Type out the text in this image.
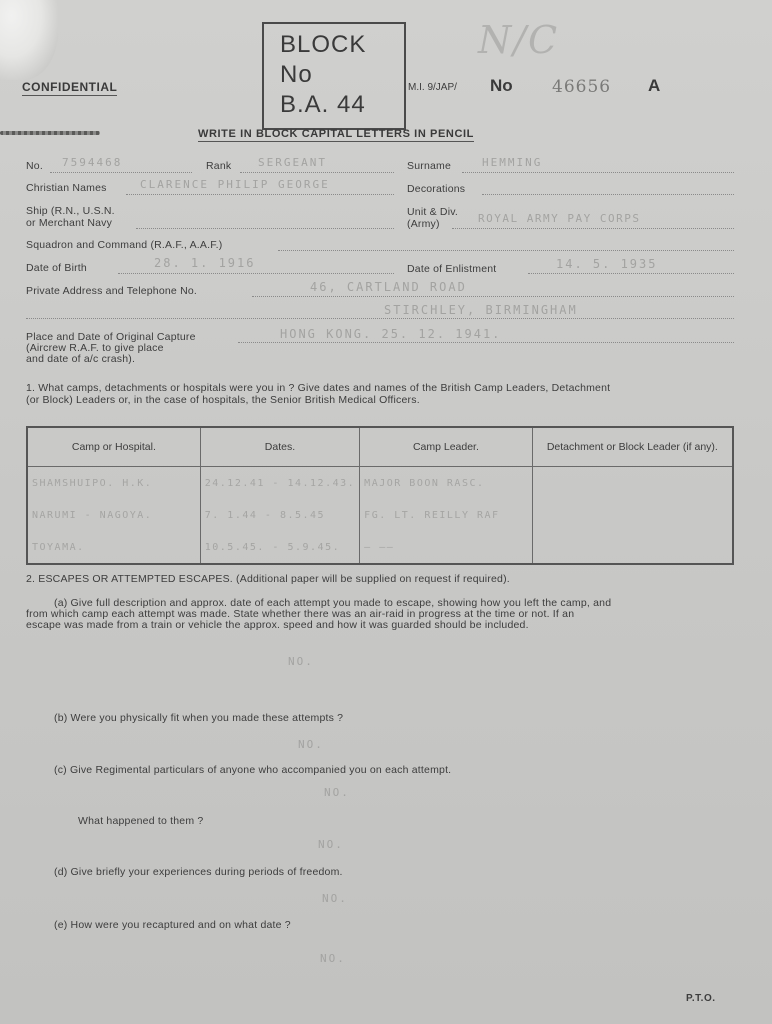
CONFIDENTIAL
BLOCK
No
B.A. 44
N/C
M.I. 9/JAP/ No 46656 A
WRITE IN BLOCK CAPITAL LETTERS IN PENCIL
No. 7594468	Rank SERGEANT	Surname	HEMMING
Christian Names	CLARENCE PHILIP GEORGE	Decorations
Ship (R.N., U.S.N.
or Merchant Navy
Unit & Div.
(Army)	ROYAL ARMY PAY CORPS
Squadron and Command (R.A.F., A.A.F.)
Date of Birth	28. 1. 1916	Date of Enlistment	14. 5. 1935
Private Address and Telephone No.	46, CARTLAND ROAD
STIRCHLEY, BIRMINGHAM
Place and Date of Original Capture
(Aircrew R.A.F. to give place
and date of a/c crash).
HONG KONG. 25. 12. 1941.
1. What camps, detachments or hospitals were you in ? Give dates and names of the British Camp Leaders, Detachment
(or Block) Leaders or, in the case of hospitals, the Senior British Medical Officers.
Camp or Hospital.	Dates.	Camp Leader.	Detachment or Block Leader (if any).
SHAMSHUIPO. H.K.	24.12.41 - 14.12.43.	MAJOR BOON RASC.	
NARUMI - NAGOYA.	7. 1.44 - 8.5.45	FG. LT. REILLY RAF	
TOYAMA.	10.5.45. - 5.9.45.	— ——	
2. ESCAPES OR ATTEMPTED ESCAPES. (Additional paper will be supplied on request if required).
(a) Give full description and approx. date of each attempt you made to escape, showing how you left the camp, and
from which camp each attempt was made. State whether there was an air-raid in progress at the time or not. If an
escape was made from a train or vehicle the approx. speed and how it was guarded should be included.
NO.
(b) Were you physically fit when you made these attempts ?
NO.
(c) Give Regimental particulars of anyone who accompanied you on each attempt.
NO.
What happened to them ?
NO.
(d) Give briefly your experiences during periods of freedom.
NO.
(e) How were you recaptured and on what date ?
NO.
P.T.O.
